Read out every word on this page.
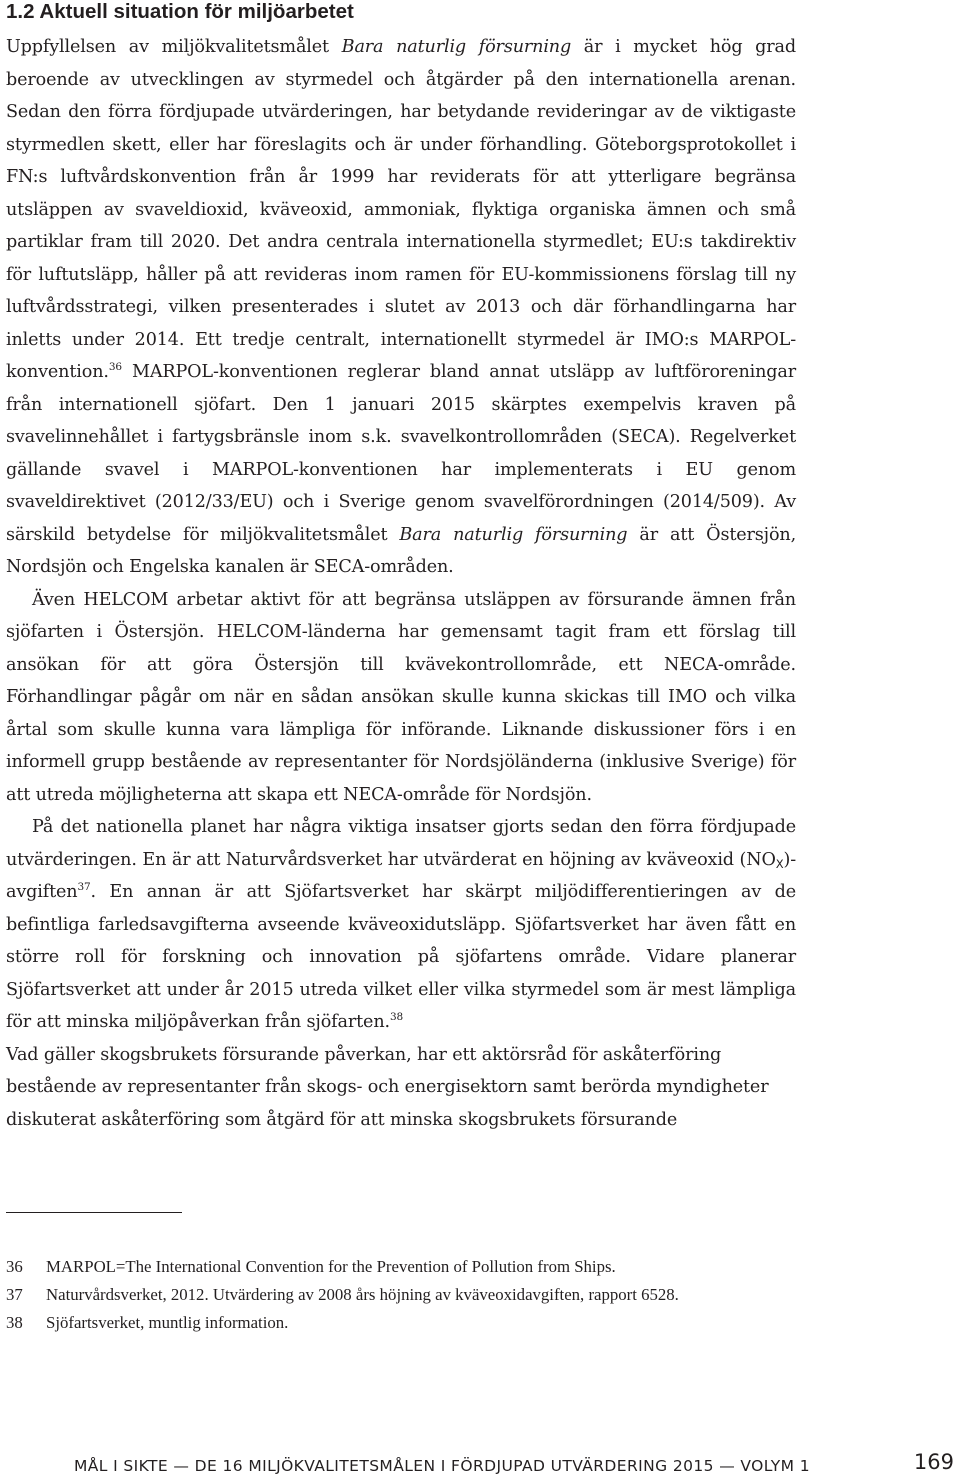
1.2 Aktuell situation för miljöarbetet

Uppfyllelsen av miljökvalitetsmålet Bara naturlig försurning är i mycket hög grad beroende av utvecklingen av styrmedel och åtgärder på den internationella arenan. Sedan den förra fördjupade utvärderingen, har betydande revideringar av de viktigaste styrmedlen skett, eller har föreslagits och är under förhandling. Göteborgsprotokollet i FN:s luftvårdskonvention från år 1999 har reviderats för att ytterligare begränsa utsläppen av svaveldioxid, kväveoxid, ammoniak, flyktiga organiska ämnen och små partiklar fram till 2020. Det andra centrala internationella styrmedlet; EU:s takdirektiv för luftutsläpp, håller på att revideras inom ramen för EU-kommissionens förslag till ny luftvårdsstrategi, vilken presenterades i slutet av 2013 och där förhandlingarna har inletts under 2014. Ett tredje centralt, internationellt styrmedel är IMO:s MARPOL-konvention.$^{36}$ MARPOL-konventionen reglerar bland annat utsläpp av luftföroreningar från internationell sjöfart. Den 1 januari 2015 skärptes exempelvis kraven på svavelinnehållet i fartygsbränsle inom s.k. svavelkontrollområden (SECA). Regelverket gällande svavel i MARPOL-konventionen har implementerats i EU genom svaveldirektivet (2012/33/EU) och i Sverige genom svavelförordningen (2014/509). Av särskild betydelse för miljökvalitetsmålet Bara naturlig försurning är att Östersjön, Nordsjön och Engelska kanalen är SECA-områden.

Även HELCOM arbetar aktivt för att begränsa utsläppen av försurande ämnen från sjöfarten i Östersjön. HELCOM-länderna har gemensamt tagit fram ett förslag till ansökan för att göra Östersjön till kvävekontrollområde, ett NECA-område. Förhandlingar pågår om när en sådan ansökan skulle kunna skickas till IMO och vilka årtal som skulle kunna vara lämpliga för införande. Liknande diskussioner förs i en informell grupp bestående av representanter för Nordsjöländerna (inklusive Sverige) för att utreda möjligheterna att skapa ett NECA-område för Nordsjön.

På det nationella planet har några viktiga insatser gjorts sedan den förra fördjupade utvärderingen. En är att Naturvårdsverket har utvärderat en höjning av kväveoxid $(NO_X)-avgiften^{37}$. En annan är att Sjöfartsverket har skärpt miljödifferentieringen av de befintliga farledsavgifterna avseende kväveoxidutsläpp. Sjöfartsverket har även fått en större roll för forskning och innovation på sjöfartens område. Vidare planerar Sjöfartsverket att under år 2015 utreda vilket eller vilka styrmedel som är mest lämpliga för att minska miljöpåverkan från sjöfarten.$^{38}$

Vad gäller skogsbrukets försurande påverkan, har ett aktörsråd för askåterföring bestående av representanter från skogs- och energisektorn samt berörda myndigheter diskuterat askåterföring som åtgärd för att minska skogsbrukets försurande

36	MARPOL=The International Convention for the Prevention of Pollution from Ships.
37	Naturvårdsverket, 2012. Utvärdering av 2008 års höjning av kväveoxidavgiften, rapport 6528.
38	Sjöfartsverket, muntlig information.
MÅL I SIKTE — DE 16 MILJÖKVALITETSMÅLEN I FÖRDJUPAD UTVÄRDERING 2015 — VOLYM 1	169
